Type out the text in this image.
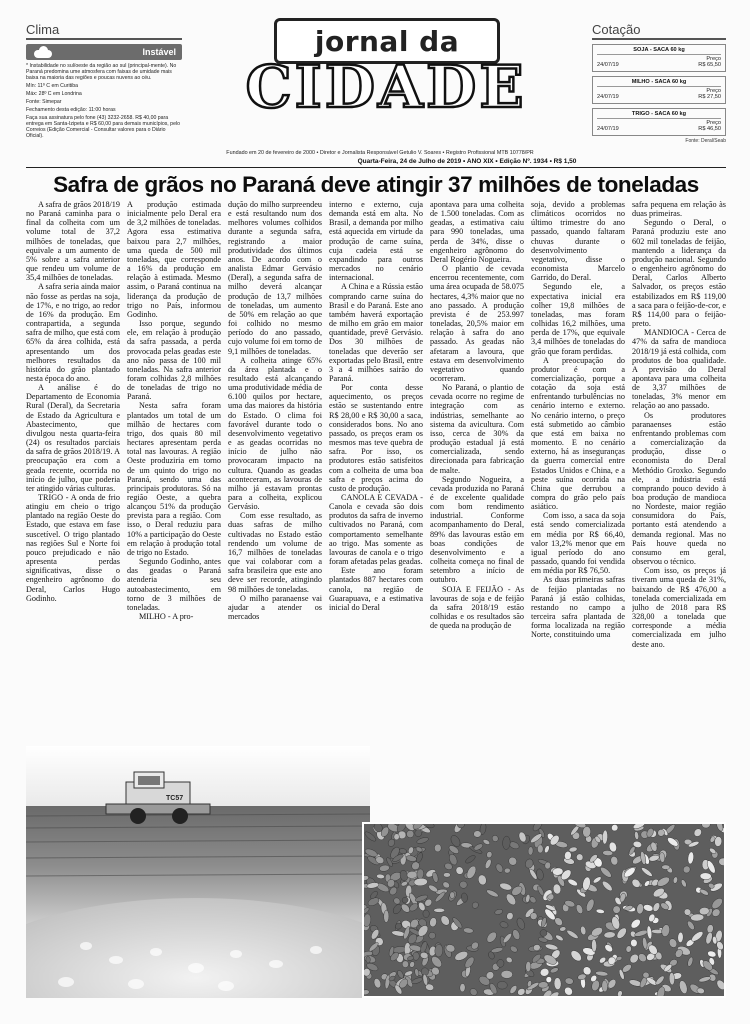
Clima
Instável

* Instabilidade no sul/oeste da região ao sul (principal-mente). No Paraná predomina ume atmosfera com faixas de umidade mais baixa na maioria das regiões e poucas nuvens ao céu.

Mín: 11º C em Curitiba

Máx: 28º C em Londrina

Fonte: Simepar

Fechamento desta edição: 11:00 horas

Faça sua assinatura pelo fone (43) 3232-2658. R$ 40,00 para entrega em Santa-Izipeta e R$ 60,00 para demais municípios, pelo Correios (Edição Comercial - Consultar valores para o Diário Oficial).

jornal da
CIDADE
Fundado em 20 de fevereiro de 2000 • Diretor e Jornalista Responsável Getulio V. Soares • Registro Profissional MTB 10778/PR
Quarta-Feira, 24 de Julho de 2019 • ANO XIX • Edição Nº. 1934 • R$ 1,50
Cotação
SOJA - SACA 60 kg
Preço
24/07/19	R$ 65,50
MILHO - SACA 60 kg
Preço
24/07/19	R$ 27,50
TRIGO - SACA 60 kg
Preço
24/07/19	R$ 46,50
Fonte: Deral/Seab
Safra de grãos no Paraná deve atingir 37 milhões de toneladas

A safra de grãos 2018/19 no Paraná caminha para o final da colheita com um volume total de 37,2 milhões de toneladas, que equivale a um aumento de 5% sobre a safra anterior que rendeu um volume de 35,4 milhões de toneladas.

A safra seria ainda maior não fosse as perdas na soja, de 17%, e no trigo, ao redor de 16% da produção. Em contrapartida, a segunda safra de milho, que está com 65% da área colhida, está apresentando um dos melhores resultados da história do grão plantado nesta época do ano.

A análise é do Departamento de Economia Rural (Deral), da Secretaria de Estado da Agricultura e Abastecimento, que divulgou nesta quarta-feira (24) os resultados parciais da safra de grãos 2018/19. A preocupação era com a geada recente, ocorrida no início de julho, que poderia ter atingido várias culturas.

TRIGO - A onda de frio atingiu em cheio o trigo plantado na região Oeste do Estado, que estava em fase suscetível. O trigo plantado nas regiões Sul e Norte foi pouco prejudicado e não apresenta perdas significativas, disse o engenheiro agrônomo do Deral, Carlos Hugo Godinho.

A produção estimada inicialmente pelo Deral era de 3,2 milhões de toneladas. Agora essa estimativa baixou para 2,7 milhões, uma queda de 500 mil toneladas, que corresponde a 16% da produção em relação à estimada. Mesmo assim, o Paraná continua na liderança da produção de trigo no País, informou Godinho.

Isso porque, segundo ele, em relação à produção da safra passada, a perda provocada pelas geadas este ano não passa de 100 mil toneladas. Na safra anterior foram colhidas 2,8 milhões de toneladas de trigo no Paraná.

Nesta safra foram plantados um total de um milhão de hectares com trigo, dos quais 80 mil hectares apresentam perda total nas lavouras. A região Oeste produziria em torno de um quinto do trigo no Paraná, sendo uma das principais produtoras. Só na região Oeste, a quebra alcançou 51% da produção prevista para a região. Com isso, o Deral reduziu para 10% a participação do Oeste em relação à produção total de trigo no Estado.

Segundo Godinho, antes das geadas o Paraná atenderia seu autoabastecimento, em torno de 3 milhões de toneladas.

MILHO - A pro-

dução do milho surpreendeu e está resultando num dos melhores volumes colhidos durante a segunda safra, registrando a maior produtividade dos últimos anos. De acordo com o analista Edmar Gervásio (Deral), a segunda safra de milho deverá alcançar produção de 13,7 milhões de toneladas, um aumento de 50% em relação ao que foi colhido no mesmo período do ano passado, cujo volume foi em torno de 9,1 milhões de toneladas.

A colheita atinge 65% da área plantada e o resultado está alcançando uma produtividade média de 6.100 quilos por hectare, uma das maiores da história do Estado. O clima foi favorável durante todo o desenvolvimento vegetativo e as geadas ocorridas no início de julho não provocaram impacto na cultura. Quando as geadas aconteceram, as lavouras de milho já estavam prontas para a colheita, explicou Gervásio.

Com esse resultado, as duas safras de milho cultivadas no Estado estão rendendo um volume de 16,7 milhões de toneladas que vai colaborar com a safra brasileira que este ano deve ser recorde, atingindo 98 milhões de toneladas.

O milho paranaense vai ajudar a atender os mercados

interno e externo, cuja demanda está em alta. No Brasil, a demanda por milho está aquecida em virtude da produção de carne suína, cuja cadeia está se expandindo para outros mercados no cenário internacional.

A China e a Rússia estão comprando carne suína do Brasil e do Paraná. Este ano também haverá exportação de milho em grão em maior quantidade, prevê Gervásio. Dos 30 milhões de toneladas que deverão ser exportadas pelo Brasil, entre 3 a 4 milhões sairão do Paraná.

Por conta desse aquecimento, os preços estão se sustentando entre R$ 28,00 e R$ 30,00 a saca, considerados bons. No ano passado, os preços eram os mesmos mas teve quebra de safra. Por isso, os produtores estão satisfeitos com a colheita de uma boa safra e preços acima do custo de produção.

CANOLA E CEVADA - Canola e cevada são dois produtos da safra de inverno cultivados no Paraná, com comportamento semelhante ao trigo. Mas somente as lavouras de canola e o trigo foram afetadas pelas geadas.

Este ano foram plantados 887 hectares com canola, na região de Guarapuava, e a estimativa inicial do Deral

apontava para uma colheita de 1.500 toneladas. Com as geadas, a estimativa caiu para 990 toneladas, uma perda de 34%, disse o engenheiro agrônomo do Deral Rogério Nogueira.

O plantio de cevada encerrou recentemente, com uma área ocupada de 58.075 hectares, 4,3% maior que no ano passado. A produção prevista é de 253.997 toneladas, 20,5% maior em relação à safra do ano passado. As geadas não afetaram a lavoura, que estava em desenvolvimento vegetativo quando ocorreram.

No Paraná, o plantio de cevada ocorre no regime de integração com as indústrias, semelhante ao sistema da avicultura. Com isso, cerca de 30% da produção estadual já está comercializada, sendo direcionada para fabricação de malte.

Segundo Nogueira, a cevada produzida no Paraná é de excelente qualidade com bom rendimento industrial. Conforme acompanhamento do Deral, 89% das lavouras estão em boas condições de desenvolvimento e a colheita começa no final de setembro a início de outubro.

SOJA E FEIJÃO - As lavouras de soja e de feijão da safra 2018/19 estão colhidas e os resultados são de queda na produção de

soja, devido a problemas climáticos ocorridos no último trimestre do ano passado, quando faltaram chuvas durante o desenvolvimento vegetativo, disse o economista Marcelo Garrido, do Deral.

Segundo ele, a expectativa inicial era colher 19,8 milhões de toneladas, mas foram colhidas 16,2 milhões, uma perda de 17%, que equivale 3,4 milhões de toneladas do grão que foram perdidas.

A preocupação do produtor é com a comercialização, porque a cotação da soja está enfrentando turbulências no cenário interno e externo. No cenário interno, o preço está submetido ao câmbio que está em baixa no momento. E no cenário externo, há as inseguranças da guerra comercial entre Estados Unidos e China, e a peste suína ocorrida na China que derrubou a compra do grão pelo país asiático.

Com isso, a saca da soja está sendo comercializada em média por R$ 66,40, valor 13,2% menor que em igual período do ano passado, quando foi vendida em média por R$ 76,50.

As duas primeiras safras de feijão plantadas no Paraná já estão colhidas, restando no campo a terceira safra plantada de forma localizada na região Norte, constituindo uma

safra pequena em relação às duas primeiras.

Segundo o Deral, o Paraná produziu este ano 602 mil toneladas de feijão, mantendo a liderança da produção nacional. Segundo o engenheiro agrônomo do Deral, Carlos Alberto Salvador, os preços estão estabilizados em R$ 119,00 a saca para o feijão-de-cor, e R$ 114,00 para o feijão-preto.

MANDIOCA - Cerca de 47% da safra de mandioca 2018/19 já está colhida, com produtos de boa qualidade. A previsão do Deral apontava para uma colheita de 3,37 milhões de toneladas, 3% menor em relação ao ano passado.

Os produtores paranaenses estão enfrentando problemas com a comercialização da produção, disse o economista do Deral Methódio Groxko. Segundo ele, a indústria está comprando pouco devido à boa produção de mandioca no Nordeste, maior região consumidora do País, portanto está atendendo a demanda regional. Mas no País houve queda no consumo em geral, observou o técnico.

Com isso, os preços já tiveram uma queda de 31%, baixando de R$ 476,00 a tonelada comercializada em julho de 2018 para R$ 328,00 a tonelada que corresponde a média comercializada em julho deste ano.

TC57
